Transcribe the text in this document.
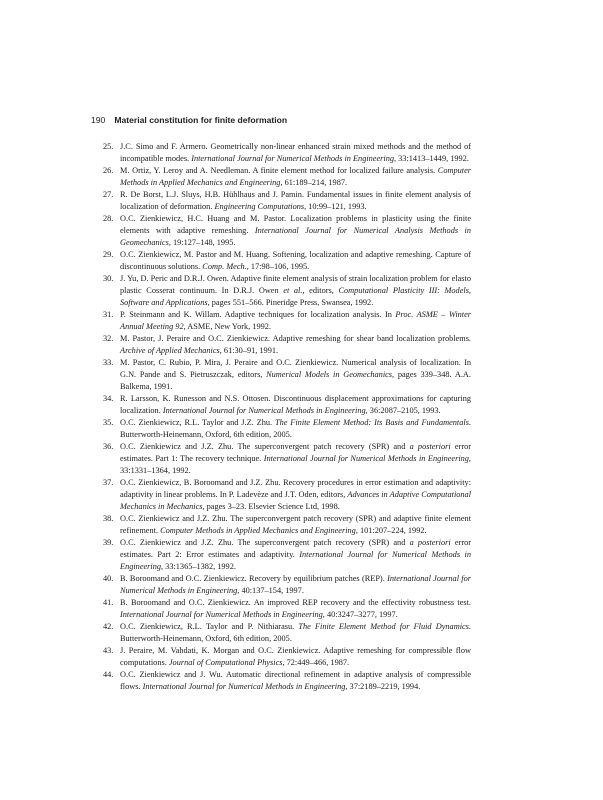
190 Material constitution for finite deformation
25. J.C. Simo and F. Armero. Geometrically non-linear enhanced strain mixed methods and the method of incompatible modes. International Journal for Numerical Methods in Engineering, 33:1413–1449, 1992.
26. M. Ortiz, Y. Leroy and A. Needleman. A finite element method for localized failure analysis. Computer Methods in Applied Mechanics and Engineering, 61:189–214, 1987.
27. R. De Borst, L.J. Sluys, H.B. Hühlhaus and J. Pamin. Fundamental issues in finite element analysis of localization of deformation. Engineering Computations, 10:99–121, 1993.
28. O.C. Zienkiewicz, H.C. Huang and M. Pastor. Localization problems in plasticity using the finite elements with adaptive remeshing. International Journal for Numerical Analysis Methods in Geomechanics, 19:127–148, 1995.
29. O.C. Zienkiewicz, M. Pastor and M. Huang. Softening, localization and adaptive remeshing. Capture of discontinuous solutions. Comp. Mech., 17:98–106, 1995.
30. J. Yu, D. Peric and D.R.J. Owen. Adaptive finite element analysis of strain localization problem for elasto plastic Cosserat continuum. In D.R.J. Owen et al., editors, Computational Plasticity III: Models, Software and Applications, pages 551–566. Pineridge Press, Swansea, 1992.
31. P. Steinmann and K. Willam. Adaptive techniques for localization analysis. In Proc. ASME – Winter Annual Meeting 92, ASME, New York, 1992.
32. M. Pastor, J. Peraire and O.C. Zienkiewicz. Adaptive remeshing for shear band localization problems. Archive of Applied Mechanics, 61:30–91, 1991.
33. M. Pastor, C. Rubio, P. Mira, J. Peraire and O.C. Zienkiewicz. Numerical analysis of localization. In G.N. Pande and S. Pietruszczak, editors, Numerical Models in Geomechanics, pages 339–348. A.A. Balkema, 1991.
34. R. Larsson, K. Runesson and N.S. Ottosen. Discontinuous displacement approximations for capturing localization. International Journal for Numerical Methods in Engineering, 36:2087–2105, 1993.
35. O.C. Zienkiewicz, R.L. Taylor and J.Z. Zhu. The Finite Element Method: Its Basis and Fundamentals. Butterworth-Heinemann, Oxford, 6th edition, 2005.
36. O.C. Zienkiewicz and J.Z. Zhu. The superconvergent patch recovery (SPR) and a posteriori error estimates. Part 1: The recovery technique. International Journal for Numerical Methods in Engineering, 33:1331–1364, 1992.
37. O.C. Zienkiewicz, B. Boroomand and J.Z. Zhu. Recovery procedures in error estimation and adaptivity: adaptivity in linear problems. In P. Ladevèze and J.T. Oden, editors, Advances in Adaptive Computational Mechanics in Mechanics, pages 3–23. Elsevier Science Ltd, 1998.
38. O.C. Zienkiewicz and J.Z. Zhu. The superconvergent patch recovery (SPR) and adaptive finite element refinement. Computer Methods in Applied Mechanics and Engineering, 101:207–224, 1992.
39. O.C. Zienkiewicz and J.Z. Zhu. The superconvergent patch recovery (SPR) and a posteriori error estimates. Part 2: Error estimates and adaptivity. International Journal for Numerical Methods in Engineering, 33:1365–1382, 1992.
40. B. Boroomand and O.C. Zienkiewicz. Recovery by equilibrium patches (REP). International Journal for Numerical Methods in Engineering, 40:137–154, 1997.
41. B. Boroomand and O.C. Zienkiewicz. An improved REP recovery and the effectivity robustness test. International Journal for Numerical Methods in Engineering, 40:3247–3277, 1997.
42. O.C. Zienkiewicz, R.L. Taylor and P. Nithiarasu. The Finite Element Method for Fluid Dynamics. Butterworth-Heinemann, Oxford, 6th edition, 2005.
43. J. Peraire, M. Vahdati, K. Morgan and O.C. Zienkiewicz. Adaptive remeshing for compressible flow computations. Journal of Computational Physics, 72:449–466, 1987.
44. O.C. Zienkiewicz and J. Wu. Automatic directional refinement in adaptive analysis of compressible flows. International Journal for Numerical Methods in Engineering, 37:2189–2219, 1994.
